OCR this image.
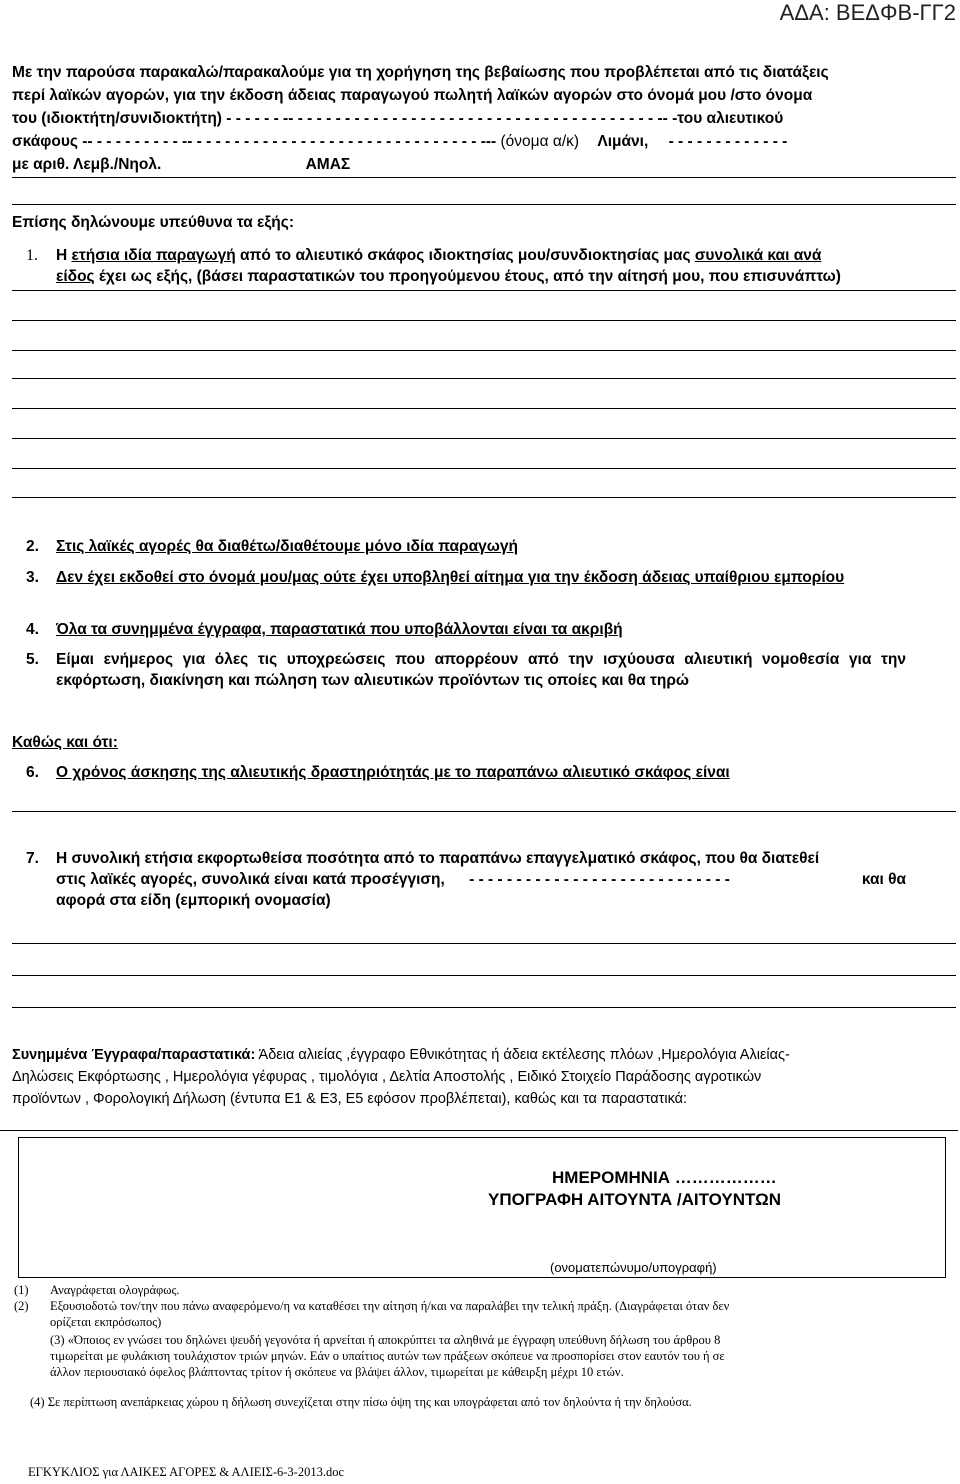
ΑΔΑ: ΒΕΔΦΒ-ΓΓ2
Με την παρούσα παρακαλώ/παρακαλούμε για τη χορήγηση της βεβαίωσης που προβλέπεται από τις διατάξεις
περί λαϊκών αγορών, για την έκδοση άδειας παραγωγού πωλητή λαϊκών αγορών στο όνομά μου /στο όνομα
του (ιδιοκτήτη/συνιδιοκτήτη) - - - - - - -- - - - - - - - - - - - - - - - - - - - - - - - - - - - - - - - - - - - - - - -- -του αλιευτικού
σκάφους -- - - - - - - - - - -- - - - - - - - - - - - - - - - - - - - - - - - - - - - - - - --- (όνομα α/κ) Λιμάνι, - - - - - - - - - - - - -
με αριθ. Λεμβ./Νηολ.	ΑΜΑΣ
Επίσης δηλώνουμε υπεύθυνα τα εξής:
1. Η ετήσια ιδία παραγωγή από το αλιευτικό σκάφος ιδιοκτησίας μου/συνδιοκτησίας μας συνολικά και ανά
είδος έχει ως εξής, (βάσει παραστατικών του προηγούμενου έτους, από την αίτησή μου, που επισυνάπτω)
2. Στις λαϊκές αγορές θα διαθέτω/διαθέτουμε μόνο ιδία παραγωγή
3. Δεν έχει εκδοθεί στο όνομά μου/μας ούτε έχει υποβληθεί αίτημα για την έκδοση άδειας υπαίθριου εμπορίου
4. Όλα τα συνημμένα έγγραφα, παραστατικά που υποβάλλονται είναι τα ακριβή
5. Είμαι ενήμερος για όλες τις υποχρεώσεις που απορρέουν από την ισχύουσα αλιευτική νομοθεσία για την εκφόρτωση, διακίνηση και πώληση των αλιευτικών προϊόντων τις οποίες και θα τηρώ
Καθώς και ότι:
6. Ο χρόνος άσκησης της αλιευτικής δραστηριότητάς με το παραπάνω αλιευτικό σκάφος είναι
7. Η συνολική ετήσια εκφορτωθείσα ποσότητα από το παραπάνω επαγγελματικό σκάφος, που θα διατεθεί
στις λαϊκές αγορές, συνολικά είναι κατά προσέγγιση, - - - - - - - - - - - - - - - - - - - - - - - - - - - -	και θα
αφορά στα είδη (εμπορική ονομασία)
Συνημμένα Έγγραφα/παραστατικά: Άδεια αλιείας ,έγγραφο Εθνικότητας ή άδεια εκτέλεσης πλόων ,Ημερολόγια Αλιείας-
Δηλώσεις Εκφόρτωσης , Ημερολόγια γέφυρας , τιμολόγια , Δελτία Αποστολής , Ειδικό Στοιχείο Παράδοσης αγροτικών
προϊόντων , Φορολογική Δήλωση (έντυπα Ε1 & Ε3, Ε5 εφόσον προβλέπεται), καθώς και τα παραστατικά:
ΗΜΕΡΟΜΗΝΙΑ ………………
ΥΠΟΓΡΑΦΗ ΑΙΤΟΥΝΤΑ /ΑΙΤΟΥΝΤΩΝ
(ονοματεπώνυμο/υπογραφή)
(1) Αναγράφεται ολογράφως.
(2) Εξουσιοδοτώ τον/την που πάνω αναφερόμενο/η να καταθέσει την αίτηση ή/και να παραλάβει την τελική πράξη. (Διαγράφεται όταν δεν
ορίζεται εκπρόσωπος)
(3) «Όποιος εν γνώσει του δηλώνει ψευδή γεγονότα ή αρνείται ή αποκρύπτει τα αληθινά με έγγραφη υπεύθυνη δήλωση του άρθρου 8
τιμωρείται με φυλάκιση τουλάχιστον τριών μηνών. Εάν ο υπαίτιος αυτών των πράξεων σκόπευε να προσπορίσει στον εαυτόν του ή σε
άλλον περιουσιακό όφελος βλάπτοντας τρίτον ή σκόπευε να βλάψει άλλον, τιμωρείται με κάθειρξη μέχρι 10 ετών.
(4) Σε περίπτωση ανεπάρκειας χώρου η δήλωση συνεχίζεται στην πίσω όψη της και υπογράφεται από τον δηλούντα ή την δηλούσα.
ΕΓΚΥΚΛΙΟΣ για ΛΑΙΚΕΣ ΑΓΟΡΕΣ & ΑΛΙΕΙΣ-6-3-2013.doc
